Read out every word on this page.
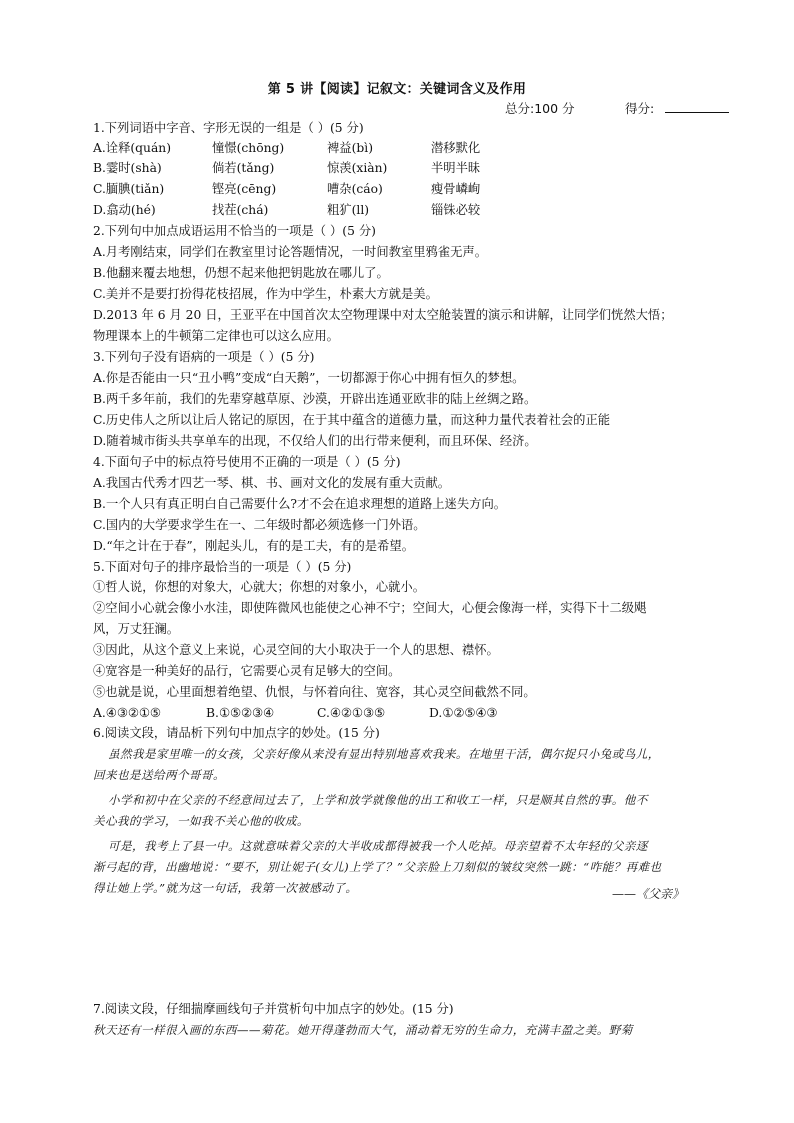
第 5 讲【阅读】记叙文：关键词含义及作用
总分:100 分	得分:
1.下列词语中字音、字形无误的一组是（ ）(5 分)
A.诠释(quán)	憧憬(chōng)	裨益(bì)	潜移默化
B.霎时(shà)	倘若(tǎng)	惊羡(xiàn)	半明半昧
C.腼腆(tiǎn)	铿亮(cēng)	嘈杂(cáo)	瘦骨嶙峋
D.翕动(hé)	找茬(chá)	粗犷(ll)	锱铢必较
2.下列句中加点成语运用不恰当的一项是（ ）(5 分)
A.月考刚结束，同学们在教室里讨论答题情况，一时间教室里鸦雀无声。
B.他翻来覆去地想，仍想不起来他把钥匙放在哪儿了。
C.美并不是要打扮得花枝招展，作为中学生，朴素大方就是美。
D.2013 年 6 月 20 日，王亚平在中国首次太空物理课中对太空舱装置的演示和讲解，让同学们恍然大悟；
物理课本上的牛顿第二定律也可以这么应用。
3.下列句子没有语病的一项是（ ）(5 分)
A.你是否能由一只“丑小鸭”变成“白天鹅”，一切都源于你心中拥有恒久的梦想。
B.两千多年前，我们的先辈穿越草原、沙漠，开辟出连通亚欧非的陆上丝绸之路。
C.历史伟人之所以让后人铭记的原因，在于其中蕴含的道德力量，而这种力量代表着社会的正能
D.随着城市街头共享单车的出现，不仅给人们的出行带来便利，而且环保、经济。
4.下面句子中的标点符号使用不正确的一项是（ ）(5 分)
A.我国古代秀才四艺一琴、棋、书、画对文化的发展有重大贡献。
B.一个人只有真正明白自己需要什么?才不会在追求理想的道路上迷失方向。
C.国内的大学要求学生在一、二年级时都必须选修一门外语。
D.“年之计在于春”，刚起头儿，有的是工夫，有的是希望。
5.下面对句子的排序最恰当的一项是（ ）(5 分)
①哲人说，你想的对象大，心就大；你想的对象小，心就小。
②空间小心就会像小水洼，即使阵微风也能使之心神不宁；空间大，心便会像海一样，实得下十二级飓
风，万丈狂澜。
③因此，从这个意义上来说，心灵空间的大小取决于一个人的思想、襟怀。
④宽容是一种美好的品行，它需要心灵有足够大的空间。
⑤也就是说，心里面想着绝望、仇恨，与怀着向往、宽容，其心灵空间截然不同。
A.④③②①⑤	B.①⑤②③④	C.④②①③⑤	D.①②⑤④③
6.阅读文段，请品析下列句中加点字的妙处。(15 分)
虽然我是家里唯一的女孩，父亲好像从来没有显出特别地喜欢我来。在地里干活，偶尔捉只小兔或鸟儿，
回来也是送给两个哥哥。
小学和初中在父亲的不经意间过去了，上学和放学就像他的出工和收工一样，只是顺其自然的事。他不
关心我的学习，一如我不关心他的收成。
可是，我考上了县一中。这就意味着父亲的大半收成都得被我一个人吃掉。母亲望着不太年轻的父亲逐
渐弓起的背，出幽地说：“要不，别让妮子(女儿)上学了？”父亲脸上刀刻似的皱纹突然一跳：“咋能？再难也
得让她上学。”就为这一句话，我第一次被感动了。	——《父亲》
7.阅读文段，仔细揣摩画线句子并赏析句中加点字的妙处。(15 分)
秋天还有一样很入画的东西——菊花。她开得蓬勃而大气，涌动着无穷的生命力，充满丰盈之美。野菊
